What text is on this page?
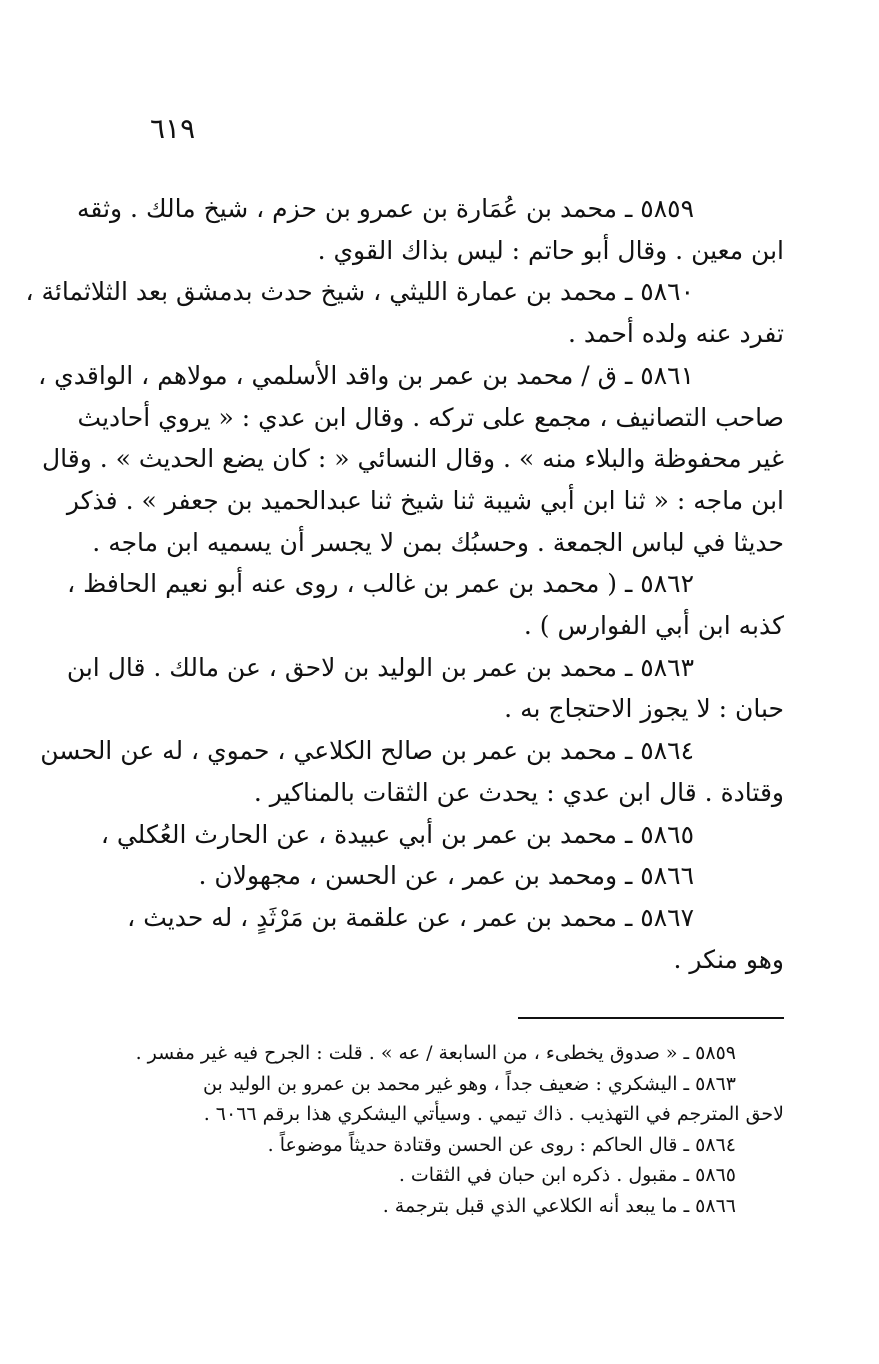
٦١٩
٥٨٥٩ ـ محمد بن عُمَارة بن عمرو بن حزم ، شيخ مالك . وثقه
ابن معين . وقال أبو حاتم : ليس بذاك القوي .
٥٨٦٠ ـ محمد بن عمارة الليثي ، شيخ حدث بدمشق بعد الثلاثمائة ،
تفرد عنه ولده أحمد .
٥٨٦١ ـ ق / محمد بن عمر بن واقد الأسلمي ، مولاهم ، الواقدي ،
صاحب التصانيف ، مجمع على تركه . وقال ابن عدي : « يروي أحاديث
غير محفوظة والبلاء منه » . وقال النسائي « : كان يضع الحديث » . وقال
ابن ماجه : « ثنا ابن أبي شيبة ثنا شيخ ثنا عبدالحميد بن جعفر » . فذكر
حديثا في لباس الجمعة . وحسبُك بمن لا يجسر أن يسميه ابن ماجه .
٥٨٦٢ ـ ( محمد بن عمر بن غالب ، روى عنه أبو نعيم الحافظ ،
كذبه ابن أبي الفوارس ) .
٥٨٦٣ ـ محمد بن عمر بن الوليد بن لاحق ، عن مالك . قال ابن
حبان : لا يجوز الاحتجاج به .
٥٨٦٤ ـ محمد بن عمر بن صالح الكلاعي ، حموي ، له عن الحسن
وقتادة . قال ابن عدي : يحدث عن الثقات بالمناكير .
٥٨٦٥ ـ محمد بن عمر بن أبي عبيدة ، عن الحارث العُكلي ،
٥٨٦٦ ـ ومحمد بن عمر ، عن الحسن ، مجهولان .
٥٨٦٧ ـ محمد بن عمر ، عن علقمة بن مَرْثَدٍ ، له حديث ،
وهو منكر .
٥٨٥٩ ـ « صدوق يخطىء ، من السابعة / عه » . قلت : الجرح فيه غير مفسر .
٥٨٦٣ ـ اليشكري : ضعيف جداً ، وهو غير محمد بن عمرو بن الوليد بن
لاحق المترجم في التهذيب . ذاك تيمي . وسيأتي اليشكري هذا برقم ٦٠٦٦ .
٥٨٦٤ ـ قال الحاكم : روى عن الحسن وقتادة حديثاً موضوعاً .
٥٨٦٥ ـ مقبول . ذكره ابن حبان في الثقات .
٥٨٦٦ ـ ما يبعد أنه الكلاعي الذي قبل بترجمة .
